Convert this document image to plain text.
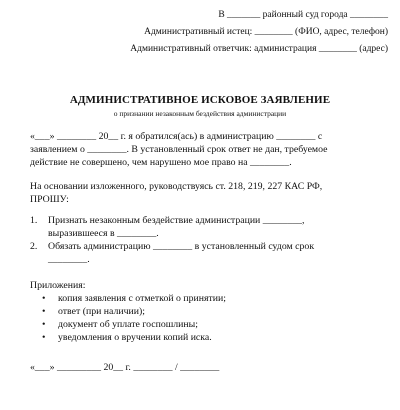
В _______ районный суд города ________
Административный истец: ________ (ФИО, адрес, телефон)
Административный ответчик: администрация ________ (адрес)
АДМИНИСТРАТИВНОЕ ИСКОВОЕ ЗАЯВЛЕНИЕ
о признании незаконным бездействия администрации
«___» ________ 20__ г. я обратился(ась) в администрацию ________ с
заявлением о ________. В установленный срок ответ не дан, требуемое
действие не совершено, чем нарушено мое право на ________.
На основании изложенного, руководствуясь ст. 218, 219, 227 КАС РФ,
ПРОШУ:
1. Признать незаконным бездействие администрации ________,
выразившееся в ________.
2. Обязать администрацию ________ в установленный судом срок
________.
Приложения:
• копия заявления с отметкой о принятии;
• ответ (при наличии);
• документ об уплате госпошлины;
• уведомления о вручении копий иска.
«___» _________ 20__ г. ________ / ________
